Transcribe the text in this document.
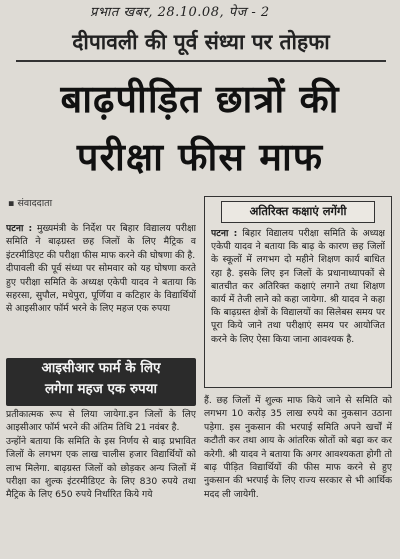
प्रभात खबर, 28.10.08, पेज - 2
दीपावली की पूर्व संध्या पर तोहफा
बाढ़पीड़ित छात्रों की
परीक्षा फीस माफ
▪ संवाददाता
पटना : मुख्यमंत्री के निर्देश पर बिहार विद्यालय परीक्षा समिति ने बाढ़ग्रस्त छह जिलों के लिए मैट्रिक व इंटरमीडिएट की परीक्षा फीस माफ करने की घोषणा की है.
दीपावली की पूर्व संध्या पर सोमवार को यह घोषणा करते हुए परीक्षा समिति के अध्यक्ष एकेपी यादव ने बताया कि सहरसा, सुपौल, मधेपुरा, पूर्णिया व कटिहार के विद्यार्थियों से आइसीआर फॉर्म भरने के लिए महज एक रुपया
आइसीआर फार्म के लिए
लगेगा महज एक रुपया
प्रतीकात्मक रूप से लिया जायेगा.इन जिलों के लिए आइसीआर फॉर्म भरने की अंतिम तिथि 21 नवंबर है.
उन्होंने बताया कि समिति के इस निर्णय से बाढ़ प्रभावित जिलों के लगभग एक लाख चालीस हजार विद्यार्थियों को लाभ मिलेगा. बाढ़ग्रस्त जिलों को छोड़कर अन्य जिलों में परीक्षा का शुल्क इंटरमीडिएट के लिए 830 रुपये तथा मैट्रिक के लिए 650 रुपये निर्धारित किये गये
अतिरिक्त कक्षाएं लगेंगी
पटना : बिहार विद्यालय परीक्षा समिति के अध्यक्ष एकेपी यादव ने बताया कि बाढ़ के कारण छह जिलों के स्कूलों में लगभग दो महीने शिक्षण कार्य बाधित रहा है. इसके लिए इन जिलों के प्रधानाध्यापकों से बातचीत कर अतिरिक्त कक्षाएं लगाने तथा शिक्षण कार्य में तेजी लाने को कहा जायेगा. श्री यादव ने कहा कि बाढ़ग्रस्त क्षेत्रों के विद्यालयों का सिलेबस समय पर पूरा किये जाने तथा परीक्षाएं समय पर आयोजित करने के लिए ऐसा किया जाना आवश्यक है.
हैं. छह जिलों में शुल्क माफ किये जाने से समिति को लगभग 10 करोड़ 35 लाख रुपये का नुकसान उठाना पड़ेगा. इस नुकसान की भरपाई समिति अपने खर्चों में कटौती कर तथा आय के आंतरिक स्रोतों को बढ़ा कर कर करेगी. श्री यादव ने बताया कि अगर आवश्यकता होगी तो बाढ़ पीड़ित विद्यार्थियों की फीस माफ करने से हुए नुकसान की भरपाई के लिए राज्य सरकार से भी आर्थिक मदद ली जायेगी.
